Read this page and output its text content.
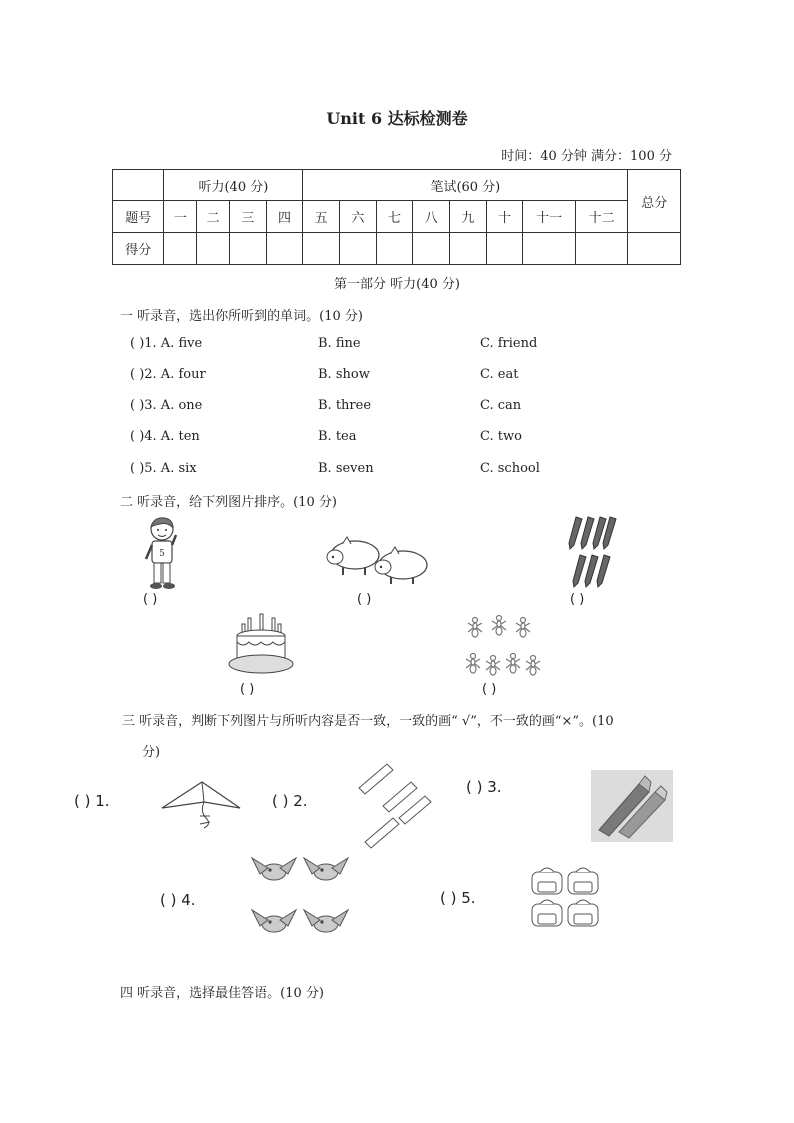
Unit 6 达标检测卷
时间：40 分钟 满分：100 分
	听力(40 分)				笔试(60 分)								总分
题号	一	二	三	四	五	六	七	八	九	十	十一	十二	
得分													
第一部分 听力(40 分)
一 听录音，选出你所听到的单词。(10 分)
( )1. A. five	B. fine	C. friend
( )2. A. four	B. show	C. eat
( )3. A. one	B. three	C. can
( )4. A. ten	B. tea	C. two
( )5. A. six	B. seven	C. school
二 听录音，给下列图片排序。(10 分)
5
( )	( )	( )
( )	( )
三 听录音，判断下列图片与所听内容是否一致，一致的画“ √”，不一致的画“×”。(10
分)
( ) 1.	( ) 2.
( ) 3.
( ) 4.	( ) 5.
四 听录音，选择最佳答语。(10 分)
